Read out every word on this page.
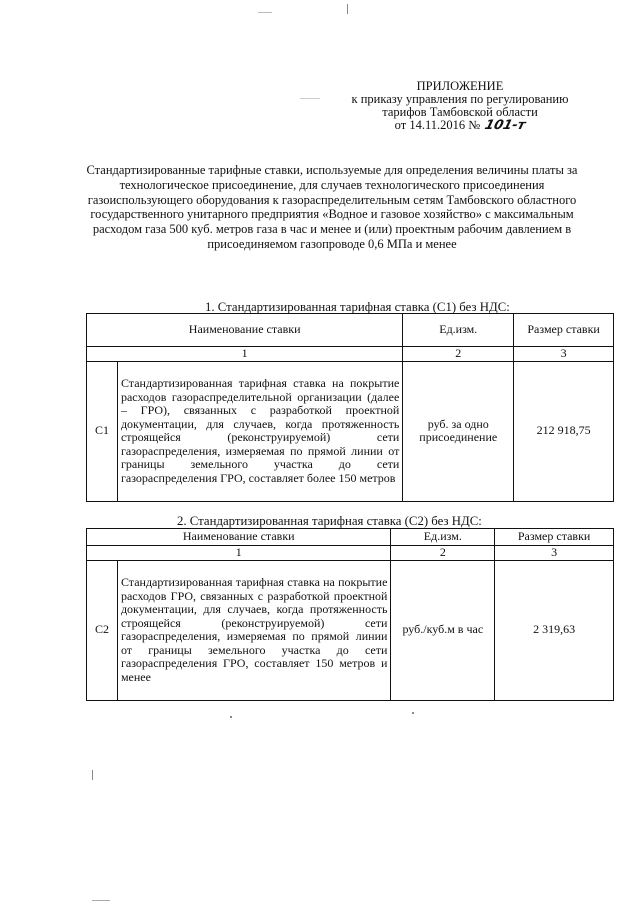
ПРИЛОЖЕНИЕ
к приказу управления по регулированию
тарифов Тамбовской области
от 14.11.2016 № 101-т
Стандартизированные тарифные ставки, используемые для определения величины платы за технологическое присоединение, для случаев технологического присоединения газоиспользующего оборудования к газораспределительным сетям Тамбовского областного государственного унитарного предприятия «Водное и газовое хозяйство» с максимальным расходом газа 500 куб. метров газа в час и менее и (или) проектным рабочим давлением в присоединяемом газопроводе 0,6 МПа и менее
1. Стандартизированная тарифная ставка (С1) без НДС:
Наименование ставки		Ед.изм.	Размер ставки
1		2	3
С1	Стандартизированная тарифная ставка на покрытие расходов газораспределительной организации (далее – ГРО), связанных с разработкой проектной документации, для случаев, когда протяженность строящейся (реконструируемой) сети газораспределения, измеряемая по прямой линии от границы земельного участка до сети газораспределения ГРО, составляет более 150 метров	руб. за одно присоединение	212 918,75
2. Стандартизированная тарифная ставка (С2) без НДС:
Наименование ставки		Ед.изм.	Размер ставки
1		2	3
С2	Стандартизированная тарифная ставка на покрытие расходов ГРО, связанных с разработкой проектной документации, для случаев, когда протяженность строящейся (реконструируемой) сети газораспределения, измеряемая по прямой линии от границы земельного участка до сети газораспределения ГРО, составляет 150 метров и менее	руб./куб.м в час	2 319,63
